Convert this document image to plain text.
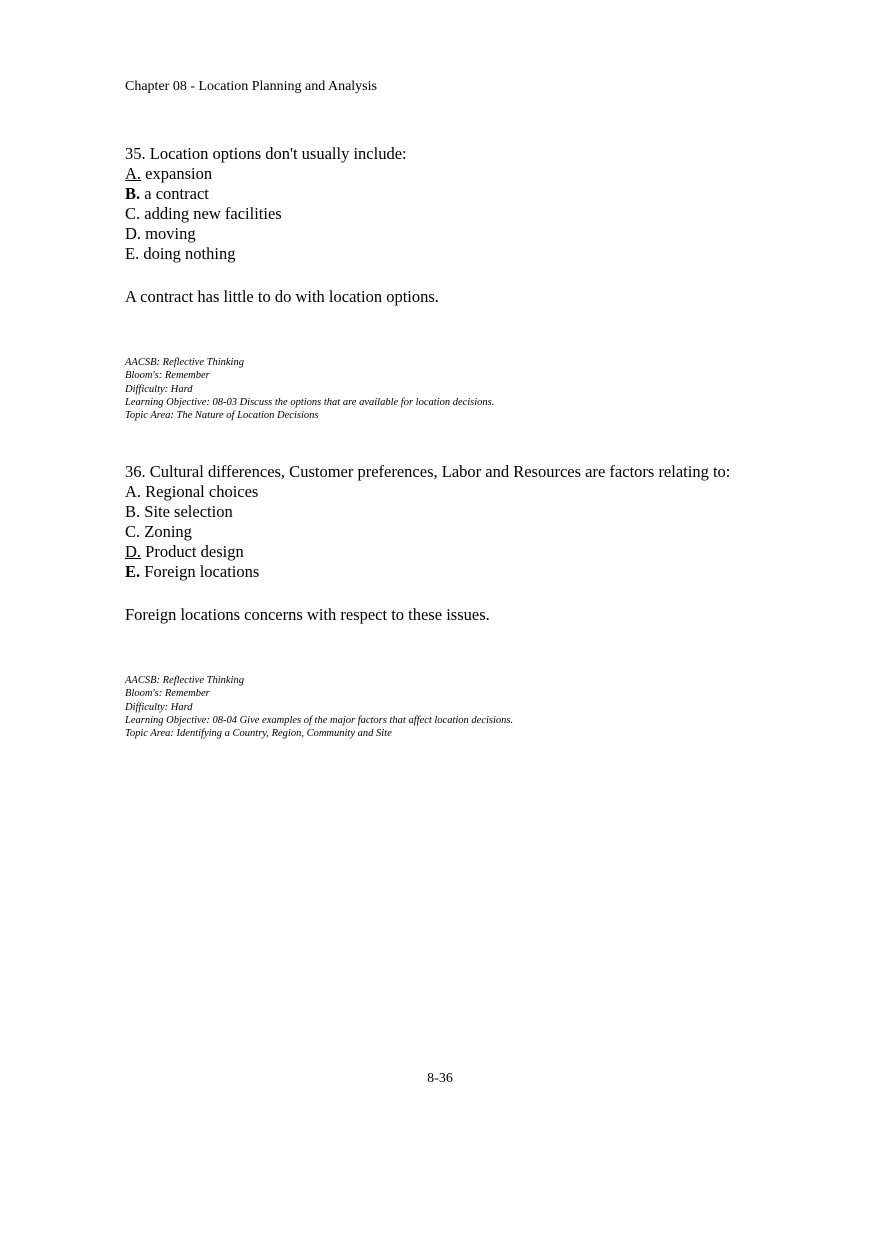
Chapter 08 - Location Planning and Analysis
35. Location options don't usually include:
A. expansion
B. a contract
C. adding new facilities
D. moving
E. doing nothing
A contract has little to do with location options.
AACSB: Reflective Thinking
Bloom's: Remember
Difficulty: Hard
Learning Objective: 08-03 Discuss the options that are available for location decisions.
Topic Area: The Nature of Location Decisions
36. Cultural differences, Customer preferences, Labor and Resources are factors relating to:
A. Regional choices
B. Site selection
C. Zoning
D. Product design
E. Foreign locations
Foreign locations concerns with respect to these issues.
AACSB: Reflective Thinking
Bloom's: Remember
Difficulty: Hard
Learning Objective: 08-04 Give examples of the major factors that affect location decisions.
Topic Area: Identifying a Country, Region, Community and Site
8-36
